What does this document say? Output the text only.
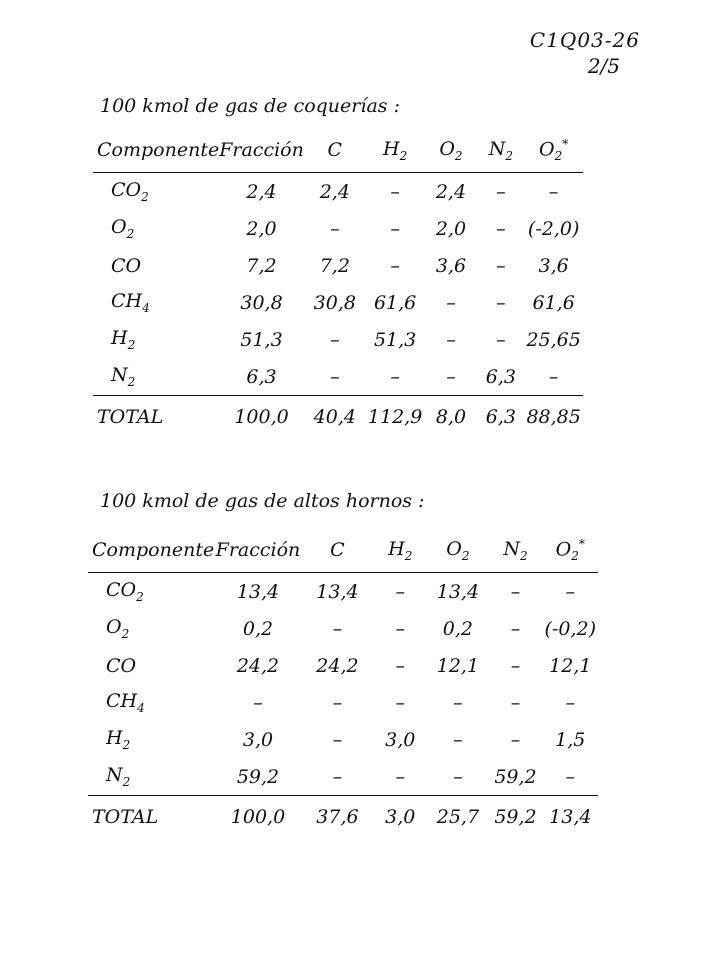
C1Q03-26
2/5
100 kmol de gas de coquerías :
Componente	Fracción	C	$H_2$	$O_2$	$N_2$	$O_2^*$
$CO_2$	2,4	2,4	–	2,4	–	–
$O_2$	2,0	–	–	2,0	–	(-2,0)
CO	7,2	7,2	–	3,6	–	3,6
$CH_4$	30,8	30,8	61,6	–	–	61,6
$H_2$	51,3	–	51,3	–	–	25,65
$N_2$	6,3	–	–	–	6,3	–
TOTAL	100,0	40,4	112,9	8,0	6,3	88,85
100 kmol de gas de altos hornos :
Componente	Fracción	C	$H_2$	$O_2$	$N_2$	$O_2^*$
$CO_2$	13,4	13,4	–	13,4	–	–
$O_2$	0,2	–	–	0,2	–	(-0,2)
CO	24,2	24,2	–	12,1	–	12,1
$CH_4$	–	–	–	–	–	–
$H_2$	3,0	–	3,0	–	–	1,5
$N_2$	59,2	–	–	–	59,2	–
TOTAL	100,0	37,6	3,0	25,7	59,2	13,4
